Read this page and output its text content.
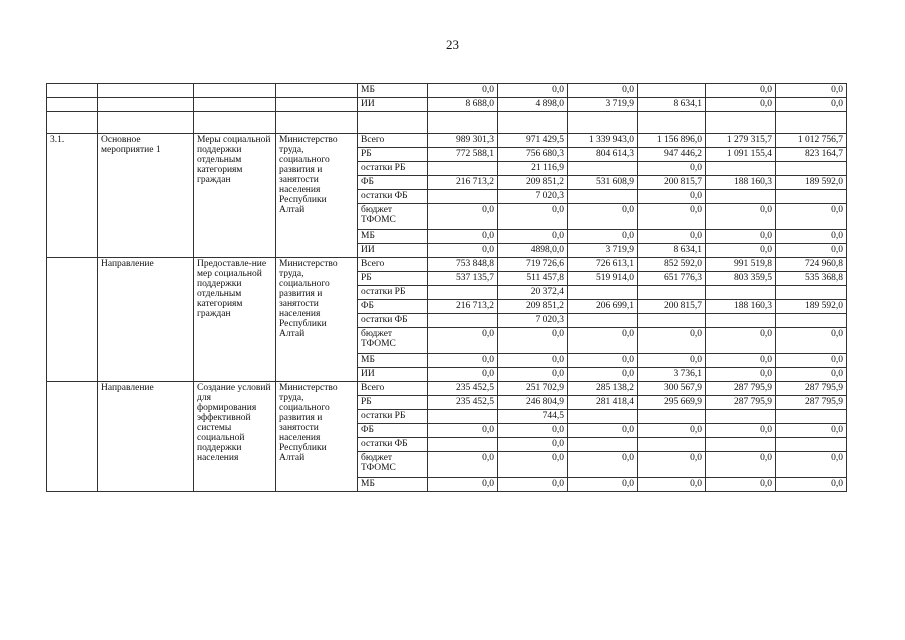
23
				МБ	0,0	0,0	0,0		0,0	0,0
				ИИ	8 688,0	4 898,0	3 719,9	8 634,1	0,0	0,0

3.1.	Основное мероприятие 1	Меры социальной поддержки отдельным категориям граждан	Министерство труда, социального развития и занятости населения Республики Алтай	Всего	989 301,3	971 429,5	1 339 943,0	1 156 896,0	1 279 315,7	1 012 756,7
				РБ	772 588,1	756 680,3	804 614,3	947 446,2	1 091 155,4	823 164,7
				остатки РБ		21 116,9		0,0		
				ФБ	216 713,2	209 851,2	531 608,9	200 815,7	188 160,3	189 592,0
				остатки ФБ		7 020,3		0,0		
				бюджет ТФОМС	0,0	0,0	0,0	0,0	0,0	0,0
				МБ	0,0	0,0	0,0	0,0	0,0	0,0
				ИИ	0,0	4898,0,0	3 719,9	8 634,1	0,0	0,0
	Направление	Предоставле-ние мер социальной поддержки отдельным категориям граждан	Министерство труда, социального развития и занятости населения Республики Алтай	Всего	753 848,8	719 726,6	726 613,1	852 592,0	991 519,8	724 960,8
				РБ	537 135,7	511 457,8	519 914,0	651 776,3	803 359,5	535 368,8
				остатки РБ		20 372,4				
				ФБ	216 713,2	209 851,2	206 699,1	200 815,7	188 160,3	189 592,0
				остатки ФБ		7 020,3				
				бюджет ТФОМС	0,0	0,0	0,0	0,0	0,0	0,0
				МБ	0,0	0,0	0,0	0,0	0,0	0,0
				ИИ	0,0	0,0	0,0	3 736,1	0,0	0,0
	Направление	Создание условий для формирования эффективной системы социальной поддержки населения	Министерство труда, социального развития и занятости населения Республики Алтай	Всего	235 452,5	251 702,9	285 138,2	300 567,9	287 795,9	287 795,9
				РБ	235 452,5	246 804,9	281 418,4	295 669,9	287 795,9	287 795,9
				остатки РБ		744,5				
				ФБ	0,0	0,0	0,0	0,0	0,0	0,0
				остатки ФБ		0,0				
				бюджет ТФОМС	0,0	0,0	0,0	0,0	0,0	0,0
				МБ	0,0	0,0	0,0	0,0	0,0	0,0
